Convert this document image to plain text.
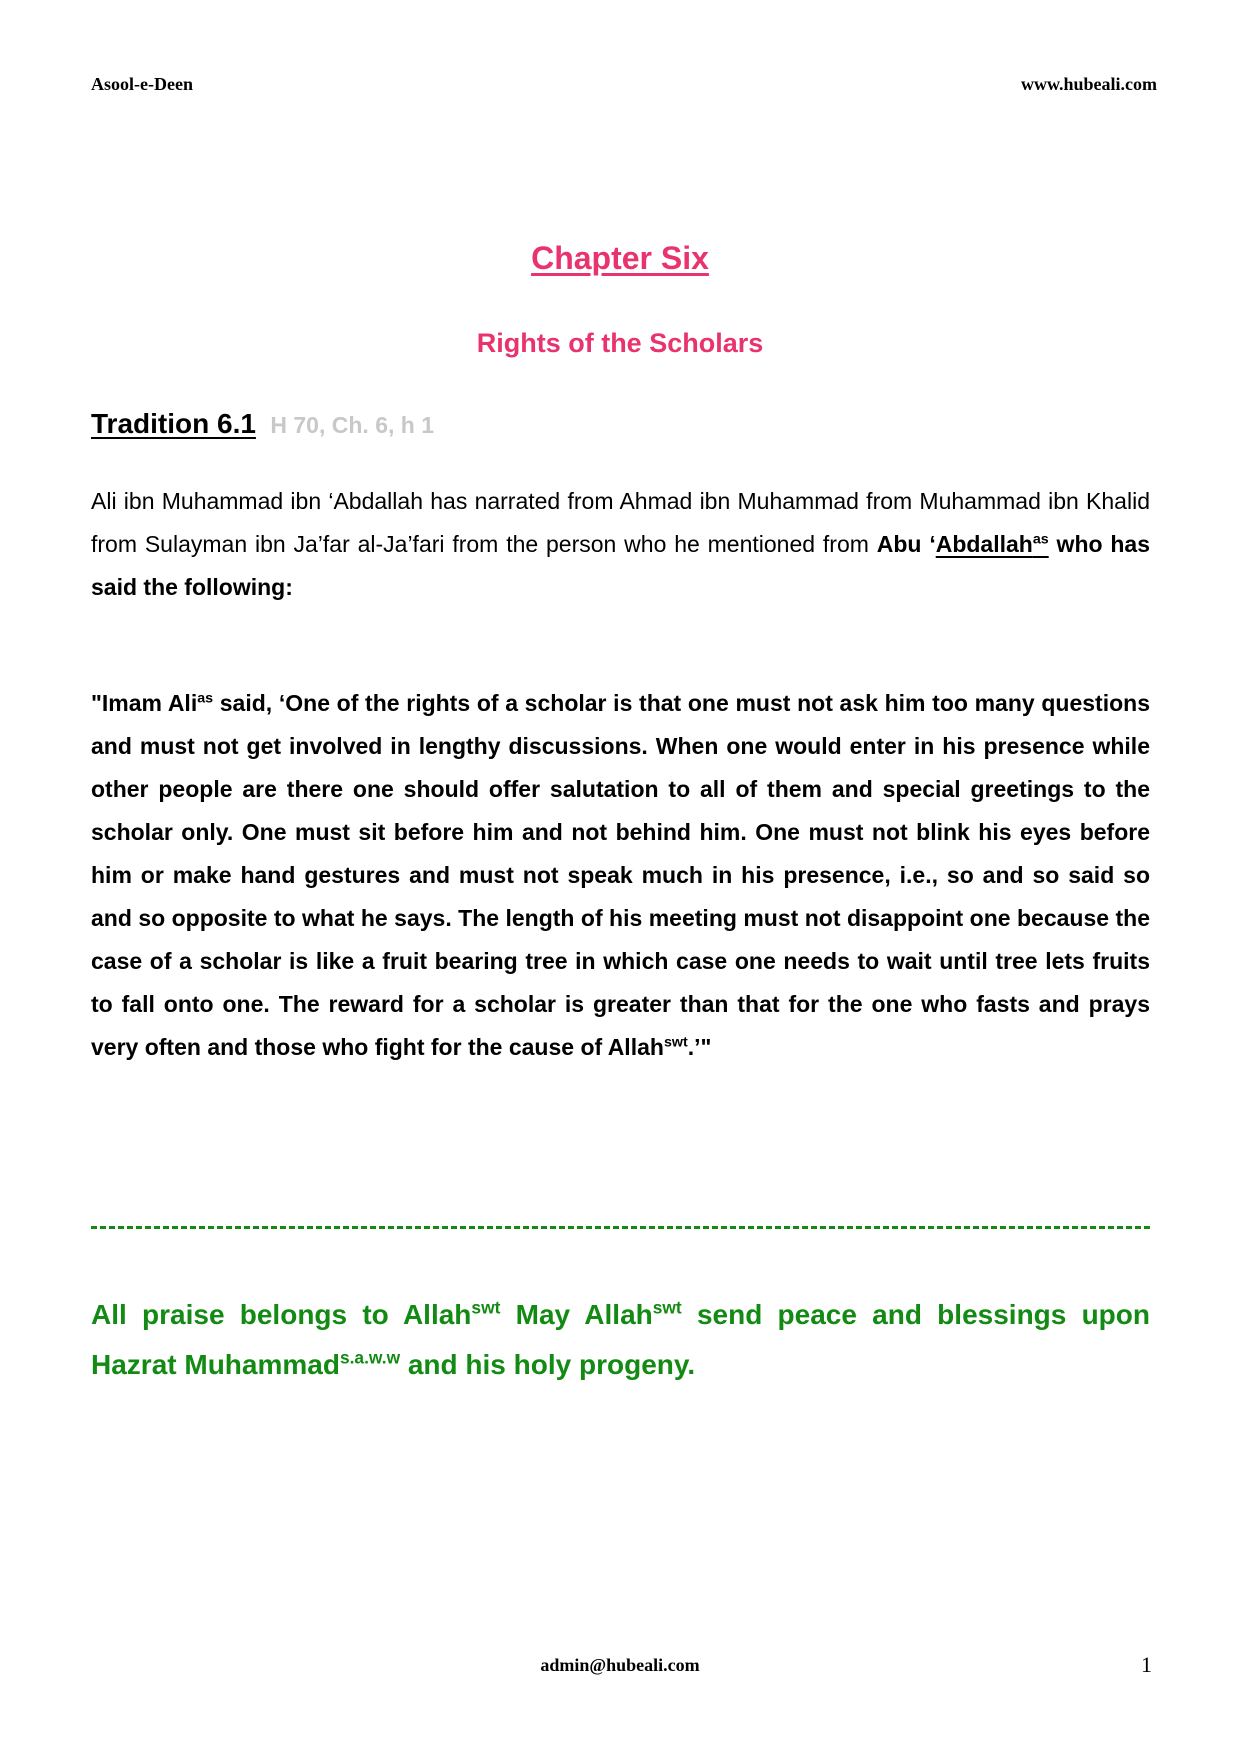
Asool-e-Deen	www.hubeali.com
Chapter Six
Rights of the Scholars
Tradition 6.1 H 70, Ch. 6, h 1
Ali ibn Muhammad ibn ‘Abdallah has narrated from Ahmad ibn Muhammad from Muhammad ibn Khalid from Sulayman ibn Ja’far al-Ja’fari from the person who he mentioned from Abu ‘Abdallah$^{as}$ who has said the following:
"Imam Ali$^{as}$ said, ‘One of the rights of a scholar is that one must not ask him too many questions and must not get involved in lengthy discussions. When one would enter in his presence while other people are there one should offer salutation to all of them and special greetings to the scholar only. One must sit before him and not behind him. One must not blink his eyes before him or make hand gestures and must not speak much in his presence, i.e., so and so said so and so opposite to what he says. The length of his meeting must not disappoint one because the case of a scholar is like a fruit bearing tree in which case one needs to wait until tree lets fruits to fall onto one. The reward for a scholar is greater than that for the one who fasts and prays very often and those who fight for the cause of Allah$^{swt}$.’"
All praise belongs to Allah$^{swt}$ May Allah$^{swt}$ send peace and blessings upon Hazrat Muhammad$^{s.a.w.w}$ and his holy progeny.
admin@hubeali.com	1
